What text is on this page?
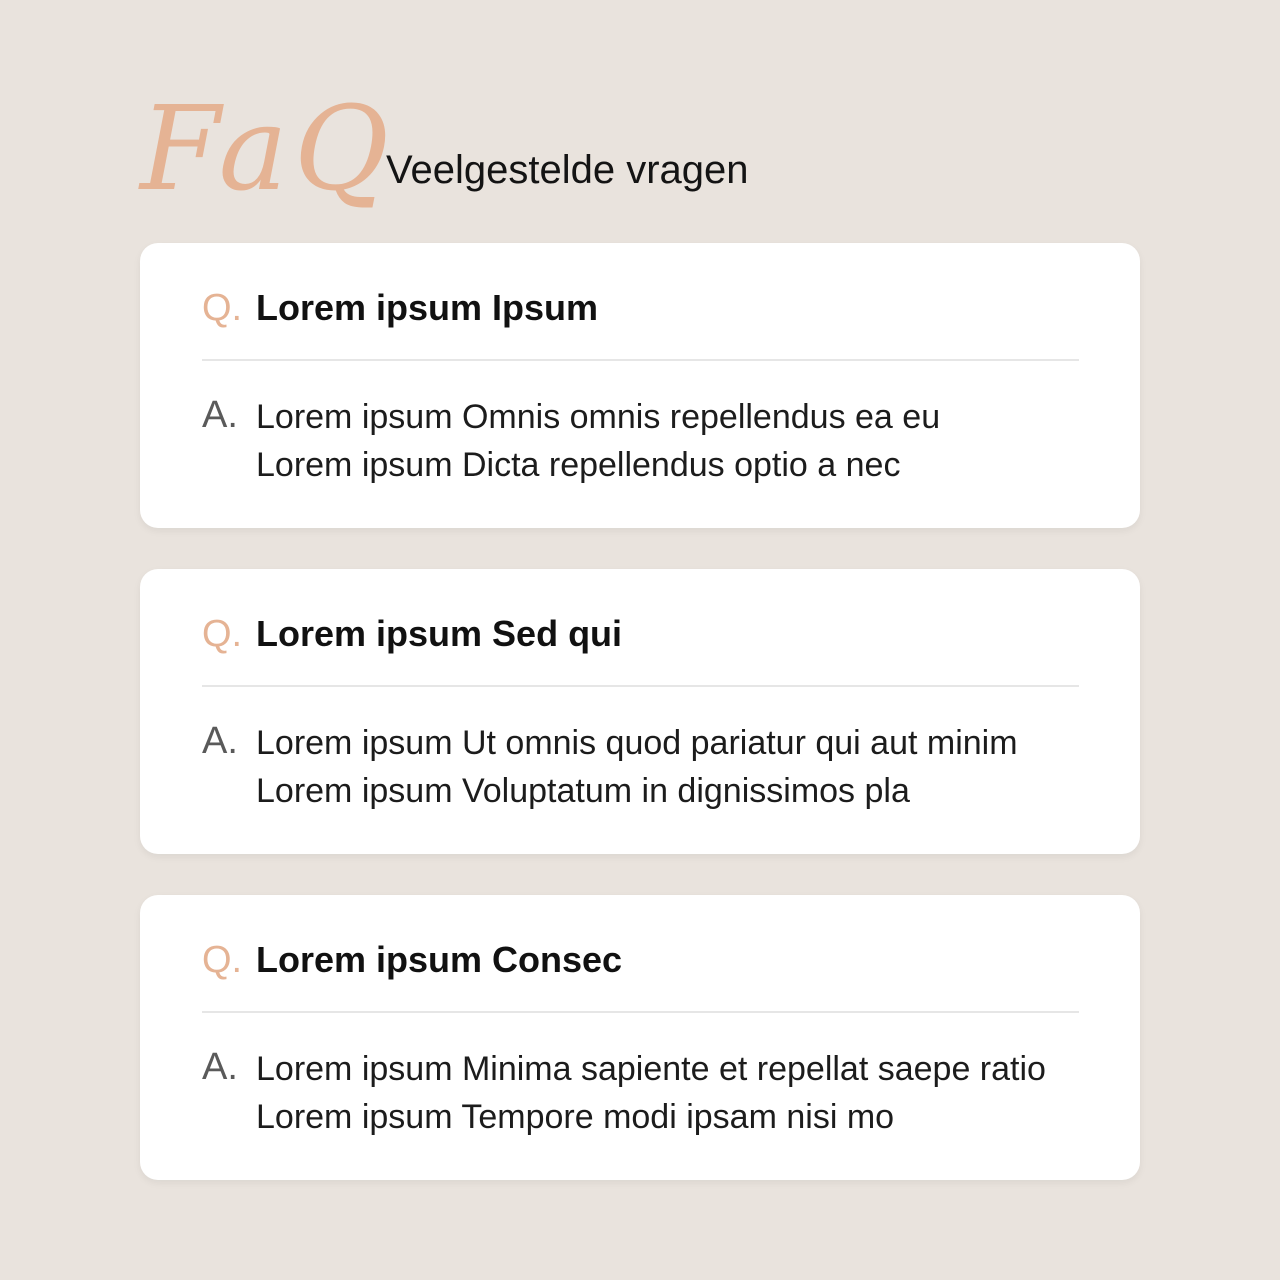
FaQ
Veelgestelde vragen
Q. Lorem ipsum Ipsum
A. Lorem ipsum Omnis omnis repellendus ea eu
Lorem ipsum Dicta repellendus optio a nec
Q. Lorem ipsum Sed qui
A. Lorem ipsum Ut omnis quod pariatur qui aut minim
Lorem ipsum Voluptatum in dignissimos pla
Q. Lorem ipsum Consec
A. Lorem ipsum Minima sapiente et repellat saepe ratio
Lorem ipsum Tempore modi ipsam nisi mo
